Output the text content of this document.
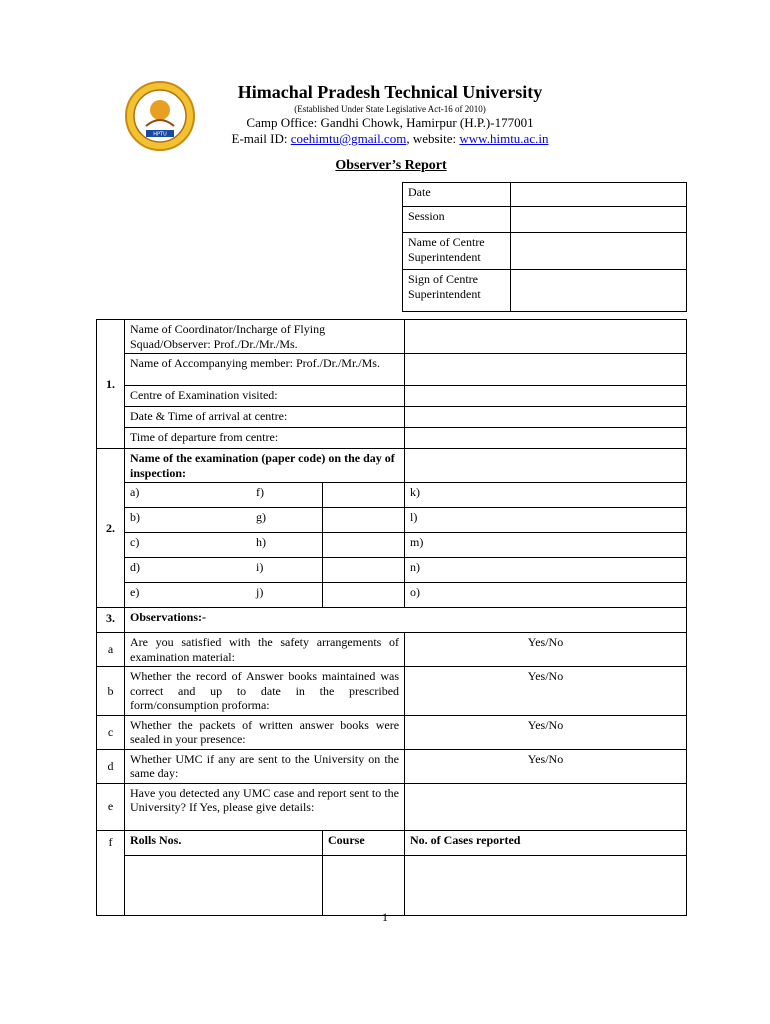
HPTU
Himachal Pradesh Technical University
(Established Under State Legislative Act-16 of 2010)
Camp Office: Gandhi Chowk, Hamirpur (H.P.)-177001
E-mail ID: coehimtu@gmail.com, website: www.himtu.ac.in
Observer’s Report
Date	
Session	
Name of Centre Superintendent	
Sign of Centre Superintendent	
1.	Name of Coordinator/Incharge of Flying Squad/Observer: Prof./Dr./Mr./Ms.	
Name of Accompanying member: Prof./Dr./Mr./Ms.	
Centre of Examination visited:	
Date & Time of arrival at centre:	
Time of departure from centre:	
2.	Name of the examination (paper code) on the day of inspection:	
a)	f)	k)
b)	g)	l)
c)	h)	m)
d)	i)	n)
e)	j)	o)
3.	Observations:-
a	Are you satisfied with the safety arrangements of examination material:	Yes/No
b	Whether the record of Answer books maintained was correct and up to date in the prescribed form/consumption proforma:	Yes/No
c	Whether the packets of written answer books were sealed in your presence:	Yes/No
d	Whether UMC if any are sent to the University on the same day:	Yes/No
e	Have you detected any UMC case and report sent to the University? If Yes, please give details:	
f	Rolls Nos.	Course	No. of Cases reported

1
